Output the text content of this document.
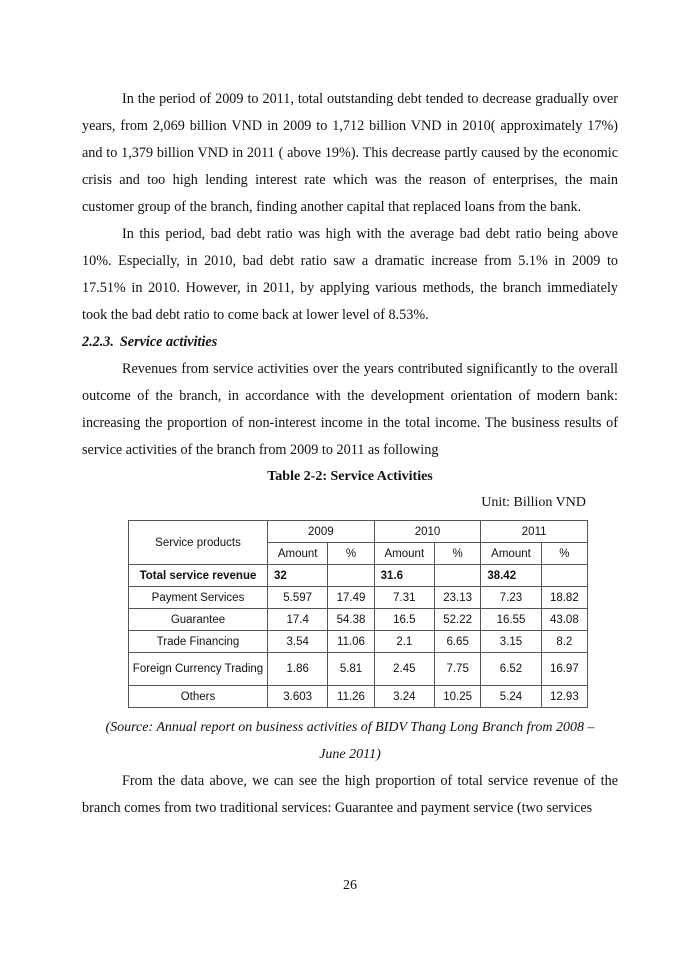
In the period of 2009 to 2011, total outstanding debt tended to decrease gradually over years, from 2,069 billion VND in 2009 to 1,712 billion VND in 2010( approximately 17%) and to 1,379 billion VND in 2011 ( above 19%). This decrease partly caused by the economic crisis and too high lending interest rate which was the reason of enterprises, the main customer group of the branch, finding another capital that replaced loans from the bank.

In this period, bad debt ratio was high with the average bad debt ratio being above 10%. Especially, in 2010, bad debt ratio saw a dramatic increase from 5.1% in 2009 to 17.51% in 2010. However, in 2011, by applying various methods, the branch immediately took the bad debt ratio to come back at lower level of 8.53%.

2.2.3. Service activities

Revenues from service activities over the years contributed significantly to the overall outcome of the branch, in accordance with the development orientation of modern bank: increasing the proportion of non-interest income in the total income. The business results of service activities of the branch from 2009 to 2011 as following

Table 2-2: Service Activities

Unit: Billion VND

Service products	2009		2010		2011	
	Amount	%	Amount	%	Amount	%
Total service revenue	32		31.6		38.42	
Payment Services	5.597	17.49	7.31	23.13	7.23	18.82
Guarantee	17.4	54.38	16.5	52.22	16.55	43.08
Trade Financing	3.54	11.06	2.1	6.65	3.15	8.2
Foreign Currency Trading	1.86	5.81	2.45	7.75	6.52	16.97
Others	3.603	11.26	3.24	10.25	5.24	12.93

(Source: Annual report on business activities of BIDV Thang Long Branch from 2008 – June 2011)

From the data above, we can see the high proportion of total service revenue of the branch comes from two traditional services: Guarantee and payment service (two services

26
